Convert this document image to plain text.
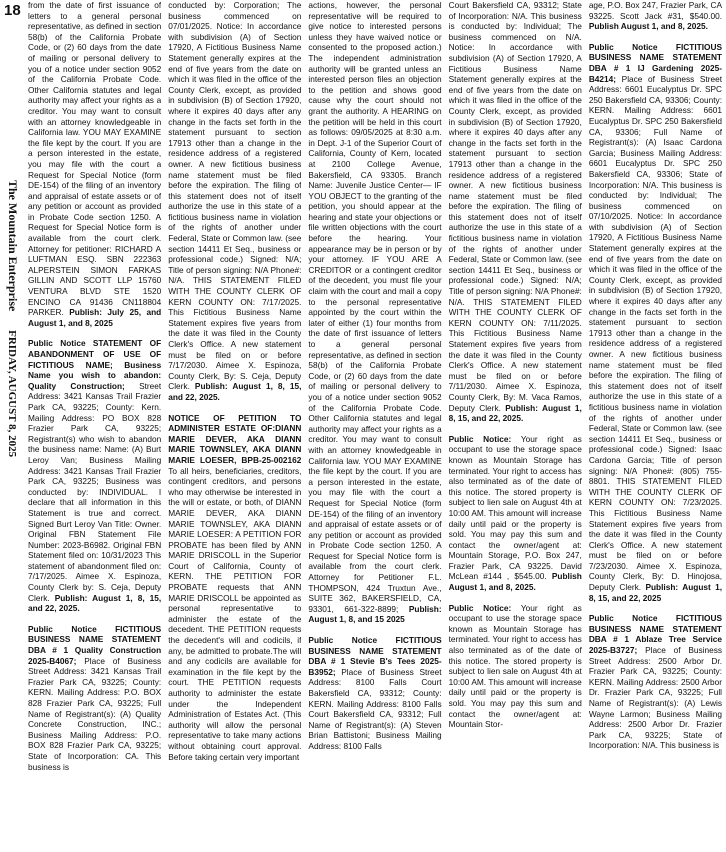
18
The Mountain Enterprise FRIDAY, AUGUST 8, 2025

from the date of first issuance of letters to a general personal representative, as defined in section 58(b) of the California Probate Code, or (2) 60 days from the date of mailing or personal delivery to you of a notice under section 9052 of the California Probate Code. Other California statutes and legal authority may affect your rights as a creditor. You may want to consult with an attorney knowledgeable in California law. YOU MAY EXAMINE the file kept by the court. If you are a person interested in the estate, you may file with the court a Request for Special Notice (form DE-154) of the filing of an inventory and appraisal of estate assets or of any petition or account as provided in Probate Code section 1250. A Request for Special Notice form is available from the court clerk. Attorney for petitioner: RICHARD A LUFTMAN ESQ. SBN 222363 ALPERSTEIN SIMON FARKAS GILLIN AND SCOTT LLP 15760 VENTURA BLVD STE 1520 ENCINO CA 91436 CN118804 PARKER. Publish: July 25, and August 1, and 8, 2025

Public Notice STATEMENT OF ABANDONMENT OF USE OF FICTITIOUS NAME; Business Name you wish to abandon: Quality Construction; Street Address: 3421 Kansas Trail Frazier Park CA, 93225; County: Kern. Mailing Address: PO BOX 828 Frazier Park CA, 93225; Registrant(s) who wish to abandon the business name: Name: (A) Burt Leroy Van; Business Mailing Address: 3421 Kansas Trail Frazier Park CA, 93225; Business was conducted by: INDIVIDUAL. I declare that all information in this Statement is true and correct. Signed Burt Leroy Van Title: Owner. Original FBN Statement File Number: 2023-B6982. Original FBN Statement filed on: 10/31/2023 This statement of abandonment filed on: 7/17/2025. Aimee X. Espinoza, County Clerk by: S. Ceja, Deputy Clerk. Publish: August 1, 8, 15, and 22, 2025.

Public Notice FICTITIOUS BUSINESS NAME STATEMENT DBA # 1 Quality Construction 2025-B4067; Place of Business Street Address: 3421 Kansas Trail Frazier Park CA, 93225; County: KERN. Mailing Address: P.O. BOX 828 Frazier Park CA, 93225; Full Name of Registrant(s): (A) Quality Concrete Construction, INC.; Business Mailing Address: P.O. BOX 828 Frazier Park CA, 93225; State of Incorporation: CA. This business is

conducted by: Corporation; The business commenced on 07/01/2025. Notice: In accordance with subdivision (A) of Section 17920, A Fictitious Business Name Statement generally expires at the end of five years from the date on which it was filed in the office of the County Clerk, except, as provided in subdivision (B) of Section 17920, where it expires 40 days after any change in the facts set forth in the statement pursuant to section 17913 other than a change in the residence address of a registered owner. A new fictitious business name statement must be filed before the expiration. The filing of this statement does not of itself authorize the use in this state of a fictitious business name in violation of the rights of another under Federal, State or Common law. (see section 14411 Et Seq., business or professional code.) Signed: N/A; Title of person signing: N/A Phone#: N/A. THIS STATEMENT FILED WITH THE COUNTY CLERK OF KERN COUNTY ON: 7/17/2025. This Fictitious Business Name Statement expires five years from the date it was filed in the County Clerk's Office. A new statement must be filed on or before 7/17/2030. Aimee X. Espinoza, County Clerk, By: S. Ceja, Deputy Clerk. Publish: August 1, 8, 15, and 22, 2025.

NOTICE OF PETITION TO ADMINISTER ESTATE OF:DIANN MARIE DEVER, AKA DIANN MARIE TOWNSLEY, AKA DIANN MARIE LOESER, BPB-25-002162 To all heirs, beneficiaries, creditors, contingent creditors, and persons who may otherwise be interested in the will or estate, or both, of DIANN MARIE DEVER, AKA DIANN MARIE TOWNSLEY, AKA DIANN MARIE LOESER: A PETITION FOR PROBATE has been filed by ANN MARIE DRISCOLL in the Superior Court of California, County of KERN. THE PETITION FOR PROBATE requests that ANN MARIE DRISCOLL be appointed as personal representative to administer the estate of the decedent. THE PETITION requests the decedent's will and codicils, if any, be admitted to probate.The will and any codicils are available for examination in the file kept by the court. THE PETITION requests authority to administer the estate under the Independent Administration of Estates Act. (This authority will allow the personal representative to take many actions without obtaining court approval. Before taking certain very important

actions, however, the personal representative will be required to give notice to interested persons unless they have waived notice or consented to the proposed action.) The independent administration authority will be granted unless an interested person files an objection to the petition and shows good cause why the court should not grant the authority. A HEARING on the petition will be held in this court as follows: 09/05/2025 at 8:30 a.m. in Dept. J-1 of the Superior Court of California, County of Kern, located at 2100 College Avenue, Bakersfield, CA 93305. Branch Name: Juvenile Justice Center— IF YOU OBJECT to the granting of the petition, you should appear at the hearing and state your objections or file written objections with the court before the hearing. Your appearance may be in person or by your attorney. IF YOU ARE A CREDITOR or a contingent creditor of the decedent, you must file your claim with the court and mail a copy to the personal representative appointed by the court within the later of either (1) four months from the date of first issuance of letters to a general personal representative, as defined in section 58(b) of the California Probate Code, or (2) 60 days from the date of mailing or personal delivery to you of a notice under section 9052 of the California Probate Code. Other California statutes and legal authority may affect your rights as a creditor. You may want to consult with an attorney knowledgeable in California law. YOU MAY EXAMINE the file kept by the court. If you are a person interested in the estate, you may file with the court a Request for Special Notice (form DE-154) of the filing of an inventory and appraisal of estate assets or of any petition or account as provided in Probate Code section 1250. A Request for Special Notice form is available from the court clerk. Attorney for Petitioner F.L. THOMPSON, 424 Truxtun Ave., SUITE 362, BAKERSFIELD, CA, 93301, 661-322-8899; Publish: August 1, 8, and 15 2025

Public Notice FICTITIOUS BUSINESS NAME STATEMENT DBA # 1 Stevie B's Tees 2025-B3952; Place of Business Street Address: 8100 Falls Court Bakersfield CA, 93312; County: KERN. Mailing Address: 8100 Falls Court Bakersfield CA, 93312; Full Name of Registrant(s): (A) Steven Brian Battistoni; Business Mailing Address: 8100 Falls

Court Bakersfield CA, 93312; State of Incorporation: N/A. This business is conducted by: Individual; The business commenced on N/A. Notice: In accordance with subdivision (A) of Section 17920, A Fictitious Business Name Statement generally expires at the end of five years from the date on which it was filed in the office of the County Clerk, except, as provided in subdivision (B) of Section 17920, where it expires 40 days after any change in the facts set forth in the statement pursuant to section 17913 other than a change in the residence address of a registered owner. A new fictitious business name statement must be filed before the expiration. The filing of this statement does not of itself authorize the use in this state of a fictitious business name in violation of the rights of another under Federal, State or Common law. (see section 14411 Et Seq., business or professional code.) Signed: N/A; Title of person signing: N/A Phone#: N/A. THIS STATEMENT FILED WITH THE COUNTY CLERK OF KERN COUNTY ON: 7/11/2025. This Fictitious Business Name Statement expires five years from the date it was filed in the County Clerk's Office. A new statement must be filed on or before 7/11/2030. Aimee X. Espinoza, County Clerk, By: M. Vaca Ramos, Deputy Clerk. Publish: August 1, 8, 15, and 22, 2025.

Public Notice: Your right as occupant to use the storage space known as Mountain Storage has terminated. Your right to access has also terminated as of the date of this notice. The stored property is subject to lien sale on August 4th at 10:00 AM. This amount will increase daily until paid or the property is sold. You may pay this sum and contact the owner/agent at: Mountain Storage, P.O. Box 247, Frazier Park, CA 93225. David McLean #144 , $545.00. Publish August 1, and 8, 2025.

Public Notice: Your right as occupant to use the storage space known as Mountain Storage has terminated. Your right to access has also terminated as of the date of this notice. The stored property is subject to lien sale on August 4th at 10:00 AM. This amount will increase daily until paid or the property is sold. You may pay this sum and contact the owner/agent at: Mountain Stor-

age, P.O. Box 247, Frazier Park, CA 93225. Scott Jack #31, $540.00. Publish August 1, and 8, 2025.

Public Notice FICTITIOUS BUSINESS NAME STATEMENT DBA # 1 IJ Gardening 2025-B4214; Place of Business Street Address: 6601 Eucalyptus Dr. SPC 250 Bakersfield CA, 93306; County: KERN. Mailing Address: 6601 Eucalyptus Dr. SPC 250 Bakersfield CA, 93306; Full Name of Registrant(s): (A) Isaac Cardona Garcia; Business Mailing Address: 6601 Eucalyptus Dr. SPC 250 Bakersfield CA, 93306; State of Incorporation: N/A. This business is conducted by: Individual; The business commenced on 07/10/2025. Notice: In accordance with subdivision (A) of Section 17920, A Fictitious Business Name Statement generally expires at the end of five years from the date on which it was filed in the office of the County Clerk, except, as provided in subdivision (B) of Section 17920, where it expires 40 days after any change in the facts set forth in the statement pursuant to section 17913 other than a change in the residence address of a registered owner. A new fictitious business name statement must be filed before the expiration. The filing of this statement does not of itself authorize the use in this state of a fictitious business name in violation of the rights of another under Federal, State or Common law. (see section 14411 Et Seq., business or professional code.) Signed: Isaac Cardona Garcia; Title of person signing: N/A Phone#: (805) 755-8801. THIS STATEMENT FILED WITH THE COUNTY CLERK OF KERN COUNTY ON: 7/23/2025. This Fictitious Business Name Statement expires five years from the date it was filed in the County Clerk's Office. A new statement must be filed on or before 7/23/2030. Aimee X. Espinoza, County Clerk, By: D. Hinojosa, Deputy Clerk. Publish: August 1, 8, 15, and 22, 2025

Public Notice FICTITIOUS BUSINESS NAME STATEMENT DBA # 1 Ablaze Tree Service 2025-B3727; Place of Business Street Address: 2500 Arbor Dr. Frazier Park CA, 93225; County: KERN. Mailing Address: 2500 Arbor Dr. Frazier Park CA, 93225; Full Name of Registrant(s): (A) Lewis Wayne Larmon; Business Mailing Address: 2500 Arbor Dr. Frazier Park CA, 93225; State of Incorporation: N/A. This business is
